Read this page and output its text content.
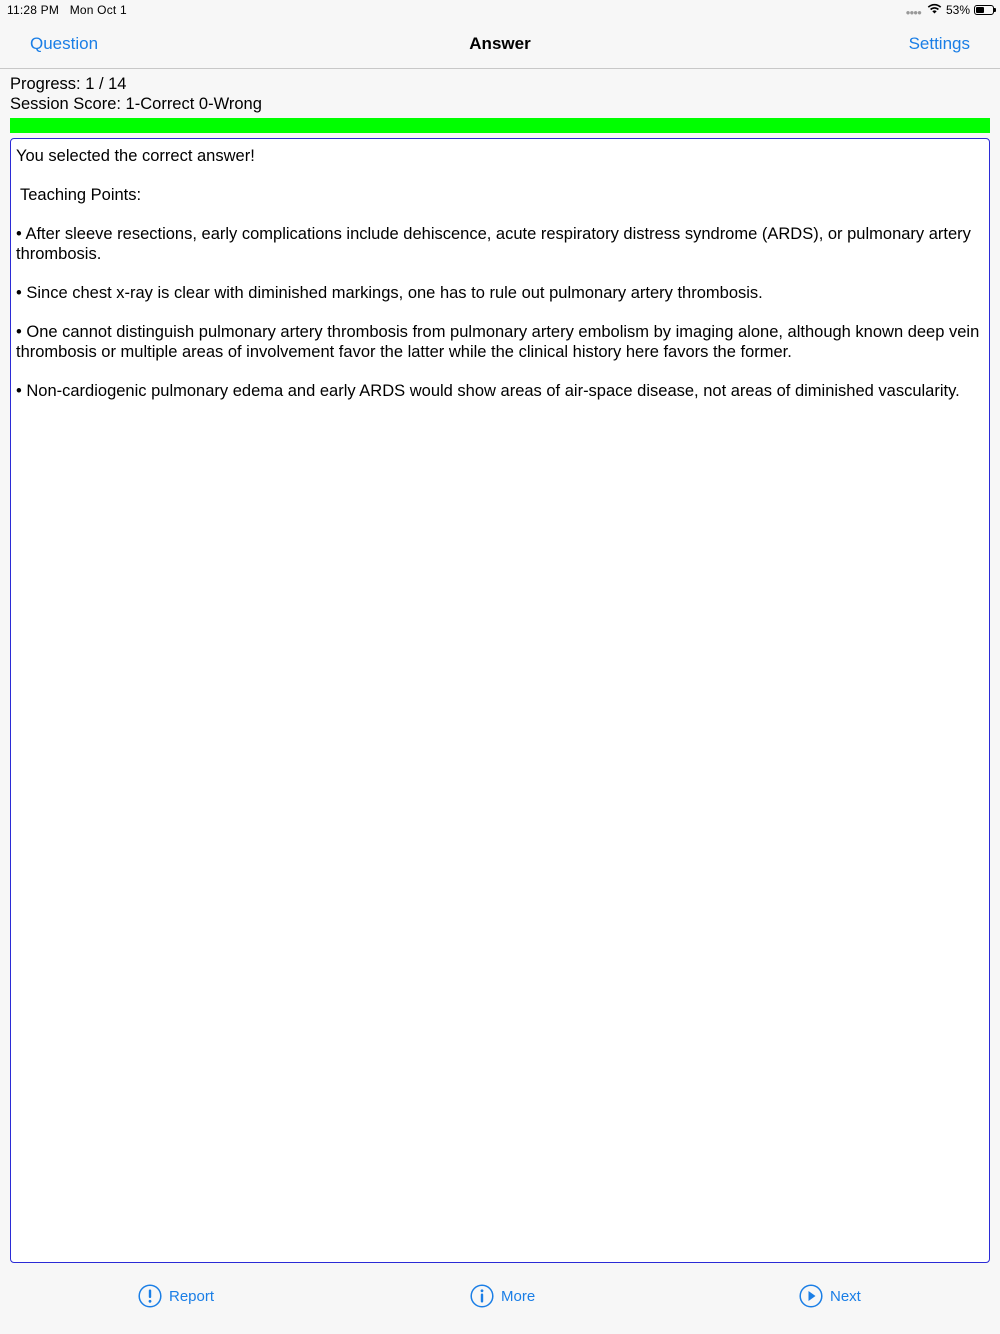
11:28 PM Mon Oct 1	●●●● 53%
Question	Answer	Settings
Progress: 1 / 14
Session Score: 1-Correct 0-Wrong

You selected the correct answer!

Teaching Points:

• After sleeve resections, early complications include dehiscence, acute respiratory distress syndrome (ARDS), or pulmonary artery thrombosis.

• Since chest x-ray is clear with diminished markings, one has to rule out pulmonary artery thrombosis.

• One cannot distinguish pulmonary artery thrombosis from pulmonary artery embolism by imaging alone, although known deep vein thrombosis or multiple areas of involvement favor the latter while the clinical history here favors the former.

• Non-cardiogenic pulmonary edema and early ARDS would show areas of air-space disease, not areas of diminished vascularity.

Report	More	Next
